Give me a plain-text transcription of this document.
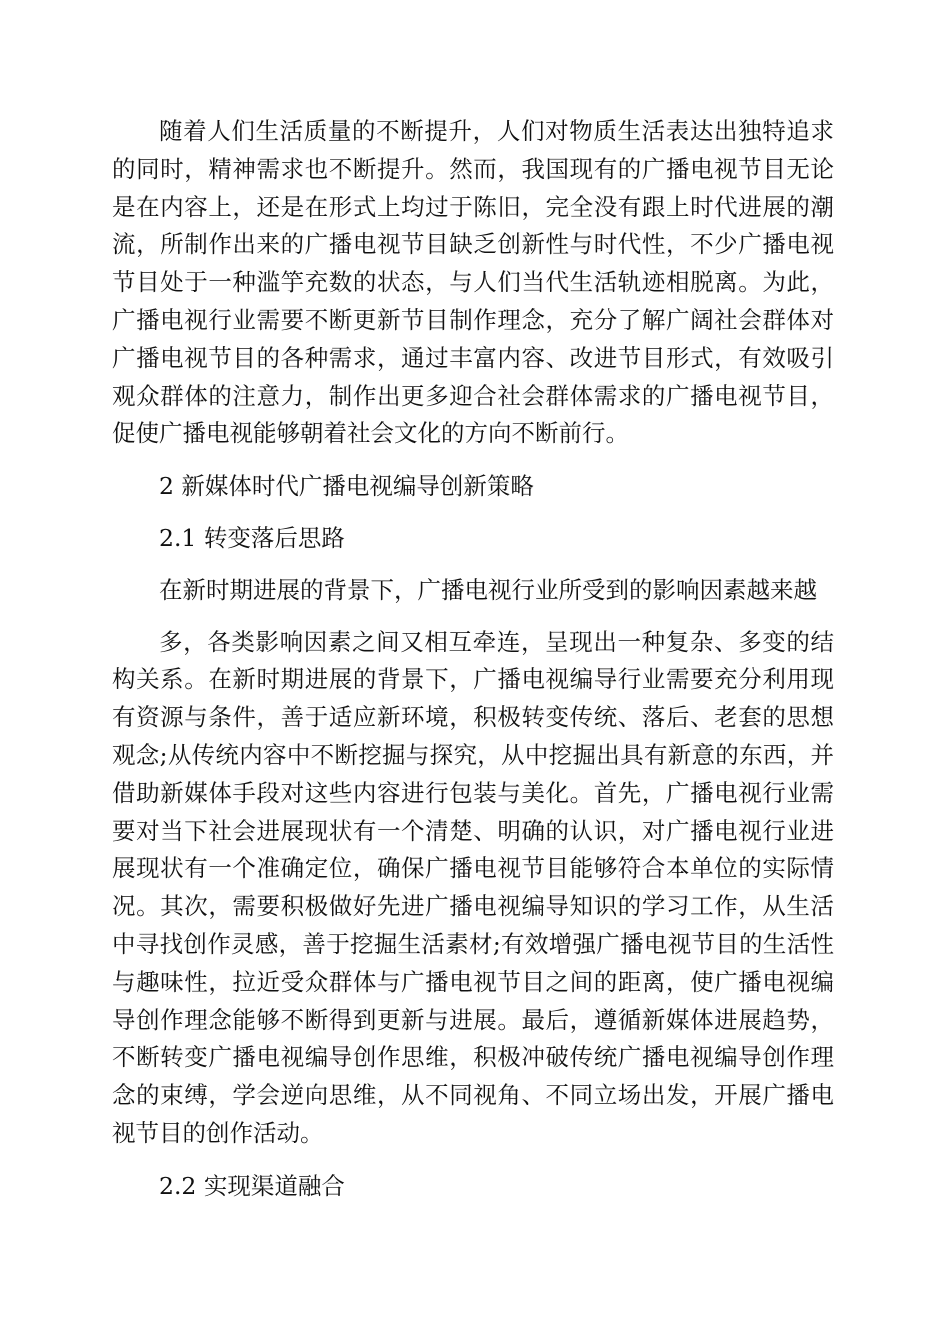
随着人们生活质量的不断提升，人们对物质生活表达出独特追求的同时，精神需求也不断提升。然而，我国现有的广播电视节目无论是在内容上，还是在形式上均过于陈旧，完全没有跟上时代进展的潮流，所制作出来的广播电视节目缺乏创新性与时代性，不少广播电视节目处于一种滥竽充数的状态，与人们当代生活轨迹相脱离。为此，广播电视行业需要不断更新节目制作理念，充分了解广阔社会群体对广播电视节目的各种需求，通过丰富内容、改进节目形式，有效吸引观众群体的注意力，制作出更多迎合社会群体需求的广播电视节目，促使广播电视能够朝着社会文化的方向不断前行。

2 新媒体时代广播电视编导创新策略

2.1 转变落后思路

在新时期进展的背景下，广播电视行业所受到的影响因素越来越

多，各类影响因素之间又相互牵连，呈现出一种复杂、多变的结构关系。在新时期进展的背景下，广播电视编导行业需要充分利用现有资源与条件，善于适应新环境，积极转变传统、落后、老套的思想观念;从传统内容中不断挖掘与探究，从中挖掘出具有新意的东西，并借助新媒体手段对这些内容进行包装与美化。首先，广播电视行业需要对当下社会进展现状有一个清楚、明确的认识，对广播电视行业进展现状有一个准确定位，确保广播电视节目能够符合本单位的实际情况。其次，需要积极做好先进广播电视编导知识的学习工作，从生活中寻找创作灵感，善于挖掘生活素材;有效增强广播电视节目的生活性与趣味性，拉近受众群体与广播电视节目之间的距离，使广播电视编导创作理念能够不断得到更新与进展。最后，遵循新媒体进展趋势，不断转变广播电视编导创作思维，积极冲破传统广播电视编导创作理念的束缚，学会逆向思维，从不同视角、不同立场出发，开展广播电视节目的创作活动。

2.2 实现渠道融合
